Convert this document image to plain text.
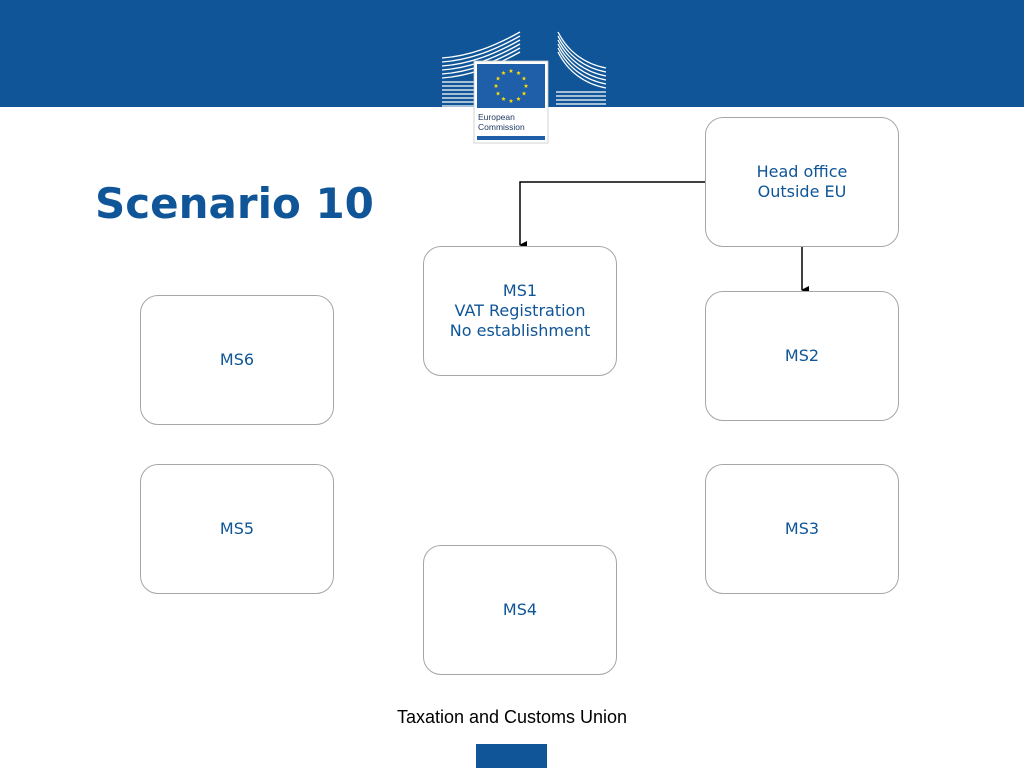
European
Commission
Scenario 10
Head office
Outside EU
MS1
VAT Registration
No establishment
MS2
MS6
MS5	MS3
MS4
Taxation and Customs Union
